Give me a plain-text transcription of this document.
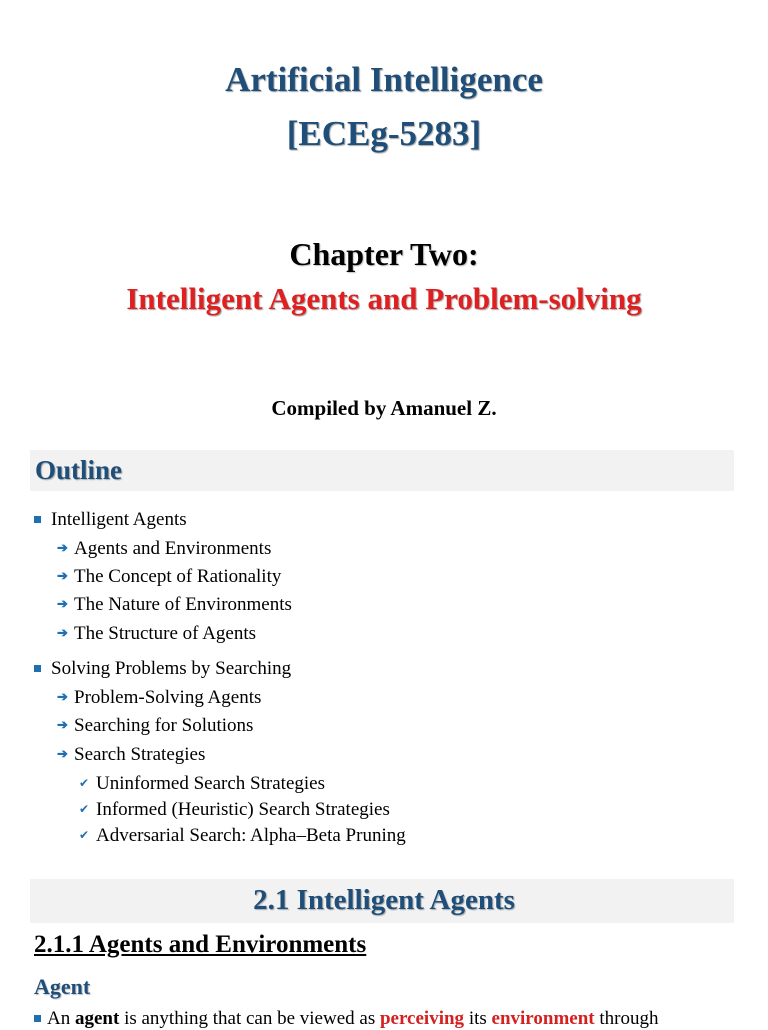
Artificial Intelligence
[ECEg-5283]
Chapter Two:
Intelligent Agents and Problem-solving
Compiled by Amanuel Z.
Outline
Intelligent Agents
➔ Agents and Environments
➔ The Concept of Rationality
➔ The Nature of Environments
➔ The Structure of Agents
Solving Problems by Searching
➔ Problem-Solving Agents
➔ Searching for Solutions
➔ Search Strategies
✔ Uninformed Search Strategies
✔ Informed (Heuristic) Search Strategies
✔ Adversarial Search: Alpha–Beta Pruning
2.1 Intelligent Agents
2.1.1 Agents and Environments
Agent
An agent is anything that can be viewed as perceiving its environment through
